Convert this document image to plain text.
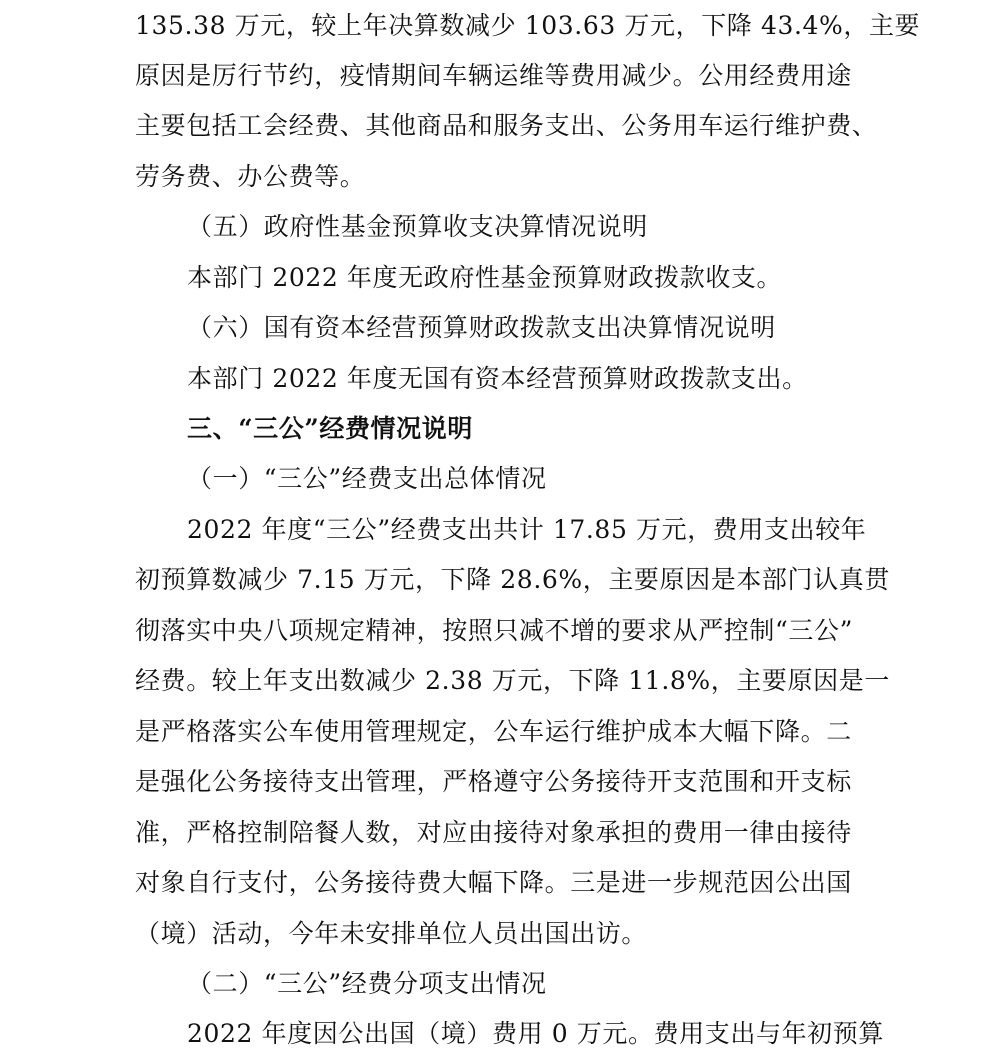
135.38 万元，较上年决算数减少 103.63 万元，下降 43.4%，主要
原因是厉行节约，疫情期间车辆运维等费用减少。公用经费用途
主要包括工会经费、其他商品和服务支出、公务用车运行维护费、
劳务费、办公费等。
（五）政府性基金预算收支决算情况说明
本部门 2022 年度无政府性基金预算财政拨款收支。
（六）国有资本经营预算财政拨款支出决算情况说明
本部门 2022 年度无国有资本经营预算财政拨款支出。
三、“三公”经费情况说明
（一）“三公”经费支出总体情况
2022 年度“三公”经费支出共计 17.85 万元，费用支出较年
初预算数减少 7.15 万元，下降 28.6%，主要原因是本部门认真贯
彻落实中央八项规定精神，按照只减不增的要求从严控制“三公”
经费。较上年支出数减少 2.38 万元，下降 11.8%，主要原因是一
是严格落实公车使用管理规定，公车运行维护成本大幅下降。二
是强化公务接待支出管理，严格遵守公务接待开支范围和开支标
准，严格控制陪餐人数，对应由接待对象承担的费用一律由接待
对象自行支付，公务接待费大幅下降。三是进一步规范因公出国
（境）活动，今年未安排单位人员出国出访。
（二）“三公”经费分项支出情况
2022 年度因公出国（境）费用 0 万元。费用支出与年初预算
